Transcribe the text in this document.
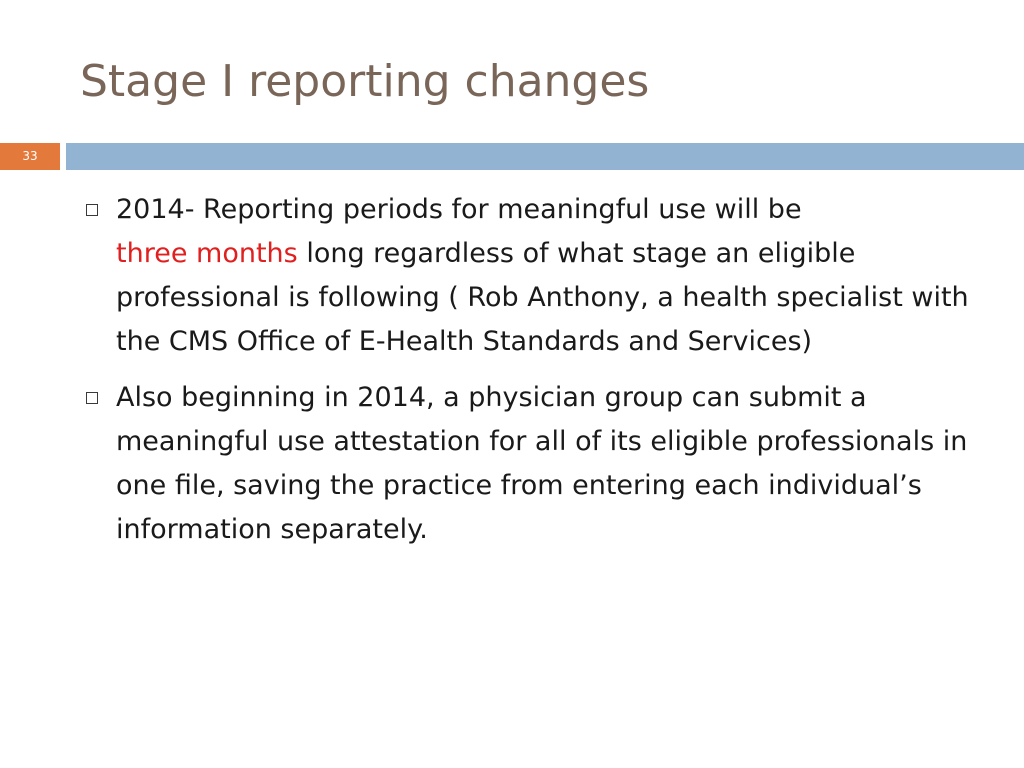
Stage I reporting changes
33
2014- Reporting periods for meaningful use will be
three months long regardless of what stage an eligible professional is following ( Rob Anthony, a health specialist with the CMS Office of E-Health Standards and Services)
Also beginning in 2014, a physician group can submit a meaningful use attestation for all of its eligible professionals in one file, saving the practice from entering each individual’s information separately.
